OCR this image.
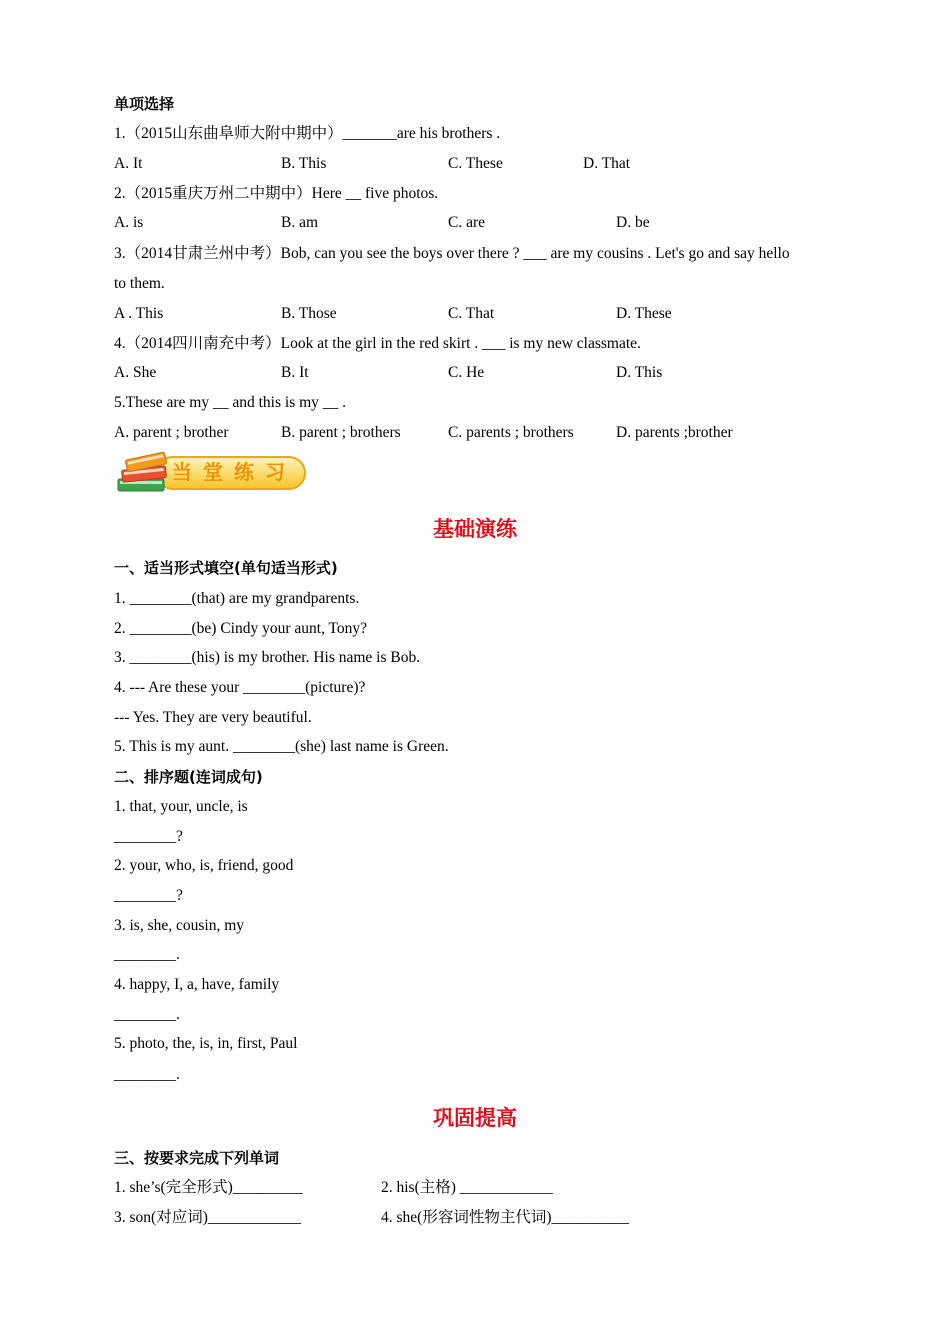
单项选择
1.（2015山东曲阜师大附中期中）_______are his brothers .
A. It	B. This	C. These	D. That
2.（2015重庆万州二中期中）Here __ five photos.
A. is	B. am	C. are	D. be
3.（2014甘肃兰州中考）Bob, can you see the boys over there ? ___ are my cousins . Let's go and say hello
to them.
A . This	B. Those	C. That	D. These
4.（2014四川南充中考）Look at the girl in the red skirt . ___ is my new classmate.
A. She	B. It	C. He	D. This
5.These are my __ and this is my __ .
A. parent ; brother	B. parent ; brothers	C. parents ; brothers	D. parents ;brother
当堂练习
基础演练
一、适当形式填空(单句适当形式)
1. ________(that) are my grandparents.
2. ________(be) Cindy your aunt, Tony?
3. ________(his) is my brother. His name is Bob.
4. --- Are these your ________(picture)?
--- Yes. They are very beautiful.
5. This is my aunt. ________(she) last name is Green.
二、排序题(连词成句)
1. that, your, uncle, is
________?
2. your, who, is, friend, good
________?
3. is, she, cousin, my
________.
4. happy, I, a, have, family
________.
5. photo, the, is, in, first, Paul
________.
巩固提高
三、按要求完成下列单词
1. she’s(完全形式)_________	2. his(主格) ____________
3. son(对应词)____________	4. she(形容词性物主代词)__________
